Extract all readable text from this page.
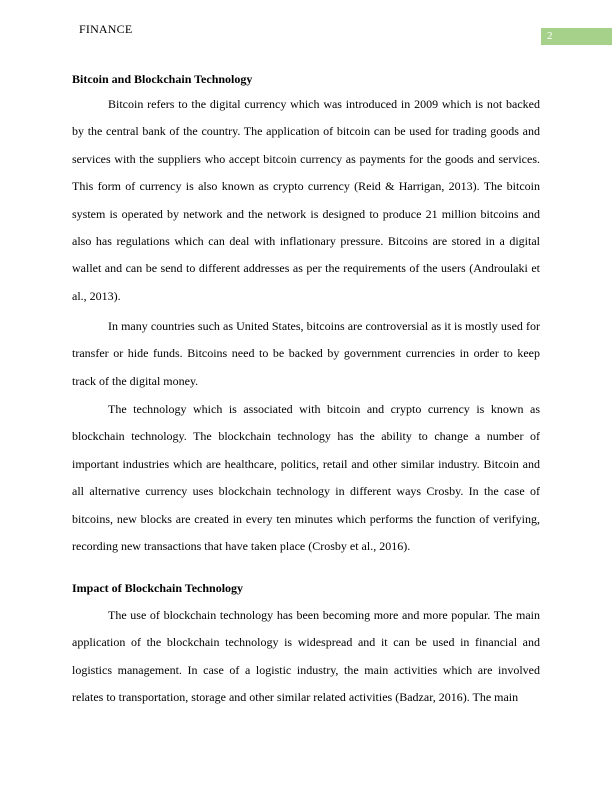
FINANCE	2
Bitcoin and Blockchain Technology

Bitcoin refers to the digital currency which was introduced in 2009 which is not backed by the central bank of the country. The application of bitcoin can be used for trading goods and services with the suppliers who accept bitcoin currency as payments for the goods and services. This form of currency is also known as crypto currency (Reid & Harrigan, 2013). The bitcoin system is operated by network and the network is designed to produce 21 million bitcoins and also has regulations which can deal with inflationary pressure. Bitcoins are stored in a digital wallet and can be send to different addresses as per the requirements of the users (Androulaki et al., 2013).

In many countries such as United States, bitcoins are controversial as it is mostly used for transfer or hide funds. Bitcoins need to be backed by government currencies in order to keep track of the digital money.

The technology which is associated with bitcoin and crypto currency is known as blockchain technology. The blockchain technology has the ability to change a number of important industries which are healthcare, politics, retail and other similar industry. Bitcoin and all alternative currency uses blockchain technology in different ways Crosby. In the case of bitcoins, new blocks are created in every ten minutes which performs the function of verifying, recording new transactions that have taken place (Crosby et al., 2016).

Impact of Blockchain Technology

The use of blockchain technology has been becoming more and more popular. The main application of the blockchain technology is widespread and it can be used in financial and logistics management. In case of a logistic industry, the main activities which are involved relates to transportation, storage and other similar related activities (Badzar, 2016). The main
